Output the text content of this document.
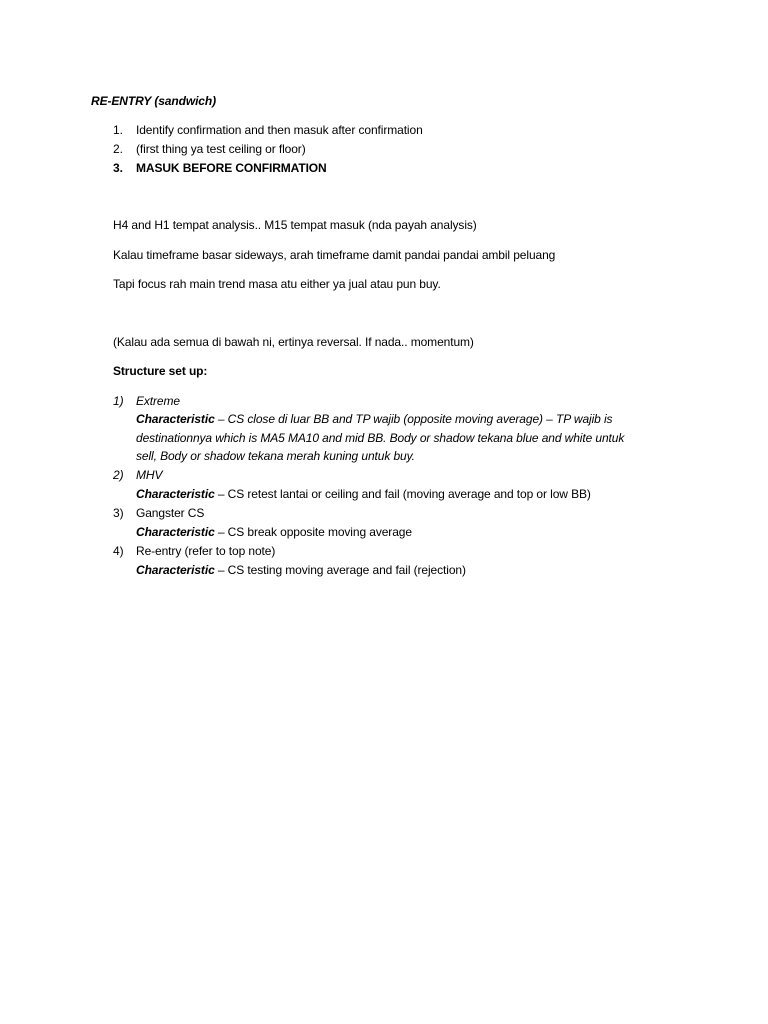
RE-ENTRY (sandwich)
1.	Identify confirmation and then masuk after confirmation
2.	(first thing ya test ceiling or floor)
3.	MASUK BEFORE CONFIRMATION
H4 and H1 tempat analysis.. M15 tempat masuk (nda payah analysis)
Kalau timeframe basar sideways, arah timeframe damit pandai pandai ambil peluang
Tapi focus rah main trend masa atu either ya jual atau pun buy.
(Kalau ada semua di bawah ni, ertinya reversal. If nada.. momentum)
Structure set up:
1) Extreme
Characteristic – CS close di luar BB and TP wajib (opposite moving average) – TP wajib is
destinationnya which is MA5 MA10 and mid BB. Body or shadow tekana blue and white untuk
sell, Body or shadow tekana merah kuning untuk buy.
2) MHV
Characteristic – CS retest lantai or ceiling and fail (moving average and top or low BB)
3) Gangster CS
Characteristic – CS break opposite moving average
4) Re-entry (refer to top note)
Characteristic – CS testing moving average and fail (rejection)
